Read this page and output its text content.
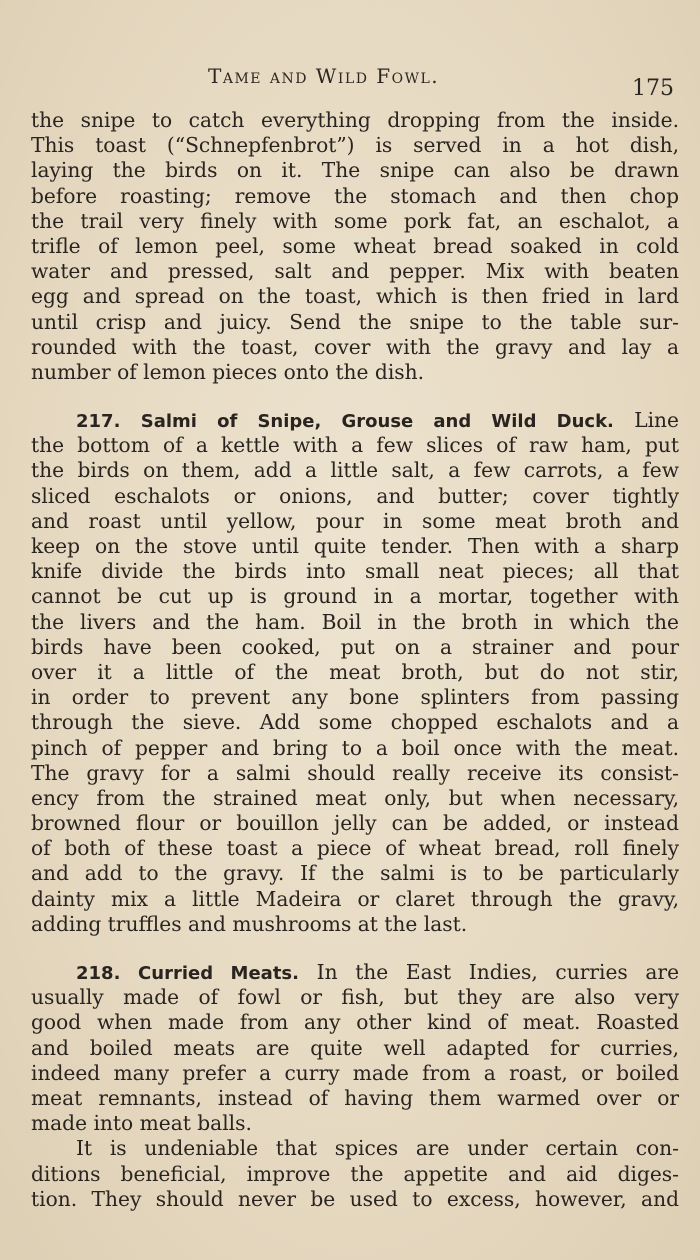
Tame and Wild Fowl.	175
the snipe to catch everything dropping from the inside.
This toast (“Schnepfenbrot”) is served in a hot dish,
laying the birds on it. The snipe can also be drawn
before roasting; remove the stomach and then chop
the trail very finely with some pork fat, an eschalot, a
trifle of lemon peel, some wheat bread soaked in cold
water and pressed, salt and pepper. Mix with beaten
egg and spread on the toast, which is then fried in lard
until crisp and juicy. Send the snipe to the table sur-
rounded with the toast, cover with the gravy and lay a
number of lemon pieces onto the dish.
217. Salmi of Snipe, Grouse and Wild Duck. Line
the bottom of a kettle with a few slices of raw ham, put
the birds on them, add a little salt, a few carrots, a few
sliced eschalots or onions, and butter; cover tightly
and roast until yellow, pour in some meat broth and
keep on the stove until quite tender. Then with a sharp
knife divide the birds into small neat pieces; all that
cannot be cut up is ground in a mortar, together with
the livers and the ham. Boil in the broth in which the
birds have been cooked, put on a strainer and pour
over it a little of the meat broth, but do not stir,
in order to prevent any bone splinters from passing
through the sieve. Add some chopped eschalots and a
pinch of pepper and bring to a boil once with the meat.
The gravy for a salmi should really receive its consist-
ency from the strained meat only, but when necessary,
browned flour or bouillon jelly can be added, or instead
of both of these toast a piece of wheat bread, roll finely
and add to the gravy. If the salmi is to be particularly
dainty mix a little Madeira or claret through the gravy,
adding truffles and mushrooms at the last.
218. Curried Meats. In the East Indies, curries are
usually made of fowl or fish, but they are also very
good when made from any other kind of meat. Roasted
and boiled meats are quite well adapted for curries,
indeed many prefer a curry made from a roast, or boiled
meat remnants, instead of having them warmed over or
made into meat balls.
It is undeniable that spices are under certain con-
ditions beneficial, improve the appetite and aid diges-
tion. They should never be used to excess, however, and
